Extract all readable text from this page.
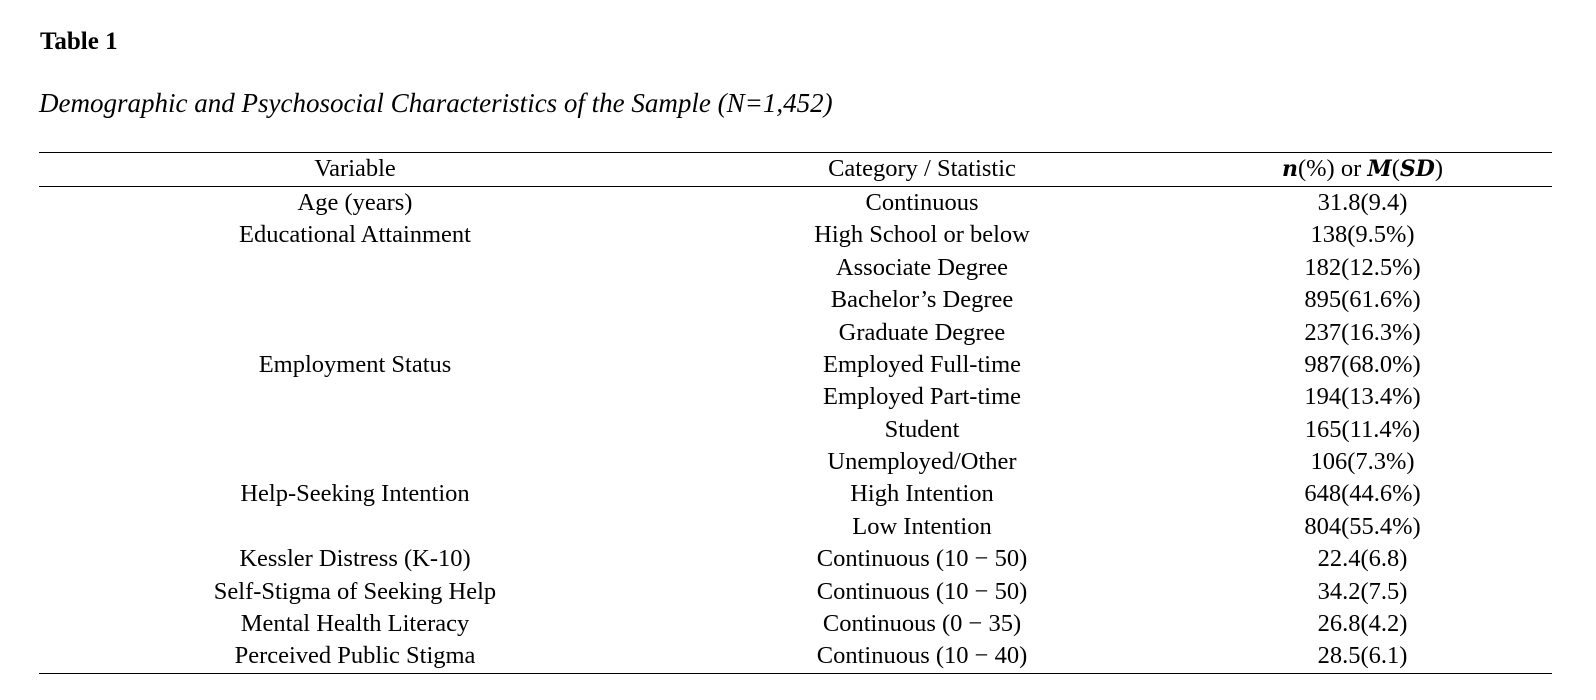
Table 1
Demographic and Psychosocial Characteristics of the Sample (N=1,452)
Variable	Category / Statistic	n(%) or M(SD)
Age (years)	Continuous	31.8(9.4)
Educational Attainment	High School or below	138(9.5%)
	Associate Degree	182(12.5%)
	Bachelor’s Degree	895(61.6%)
	Graduate Degree	237(16.3%)
Employment Status	Employed Full-time	987(68.0%)
	Employed Part-time	194(13.4%)
	Student	165(11.4%)
	Unemployed/Other	106(7.3%)
Help-Seeking Intention	High Intention	648(44.6%)
	Low Intention	804(55.4%)
Kessler Distress (K-10)	Continuous (10 − 50)	22.4(6.8)
Self-Stigma of Seeking Help	Continuous (10 − 50)	34.2(7.5)
Mental Health Literacy	Continuous (0 − 35)	26.8(4.2)
Perceived Public Stigma	Continuous (10 − 40)	28.5(6.1)
